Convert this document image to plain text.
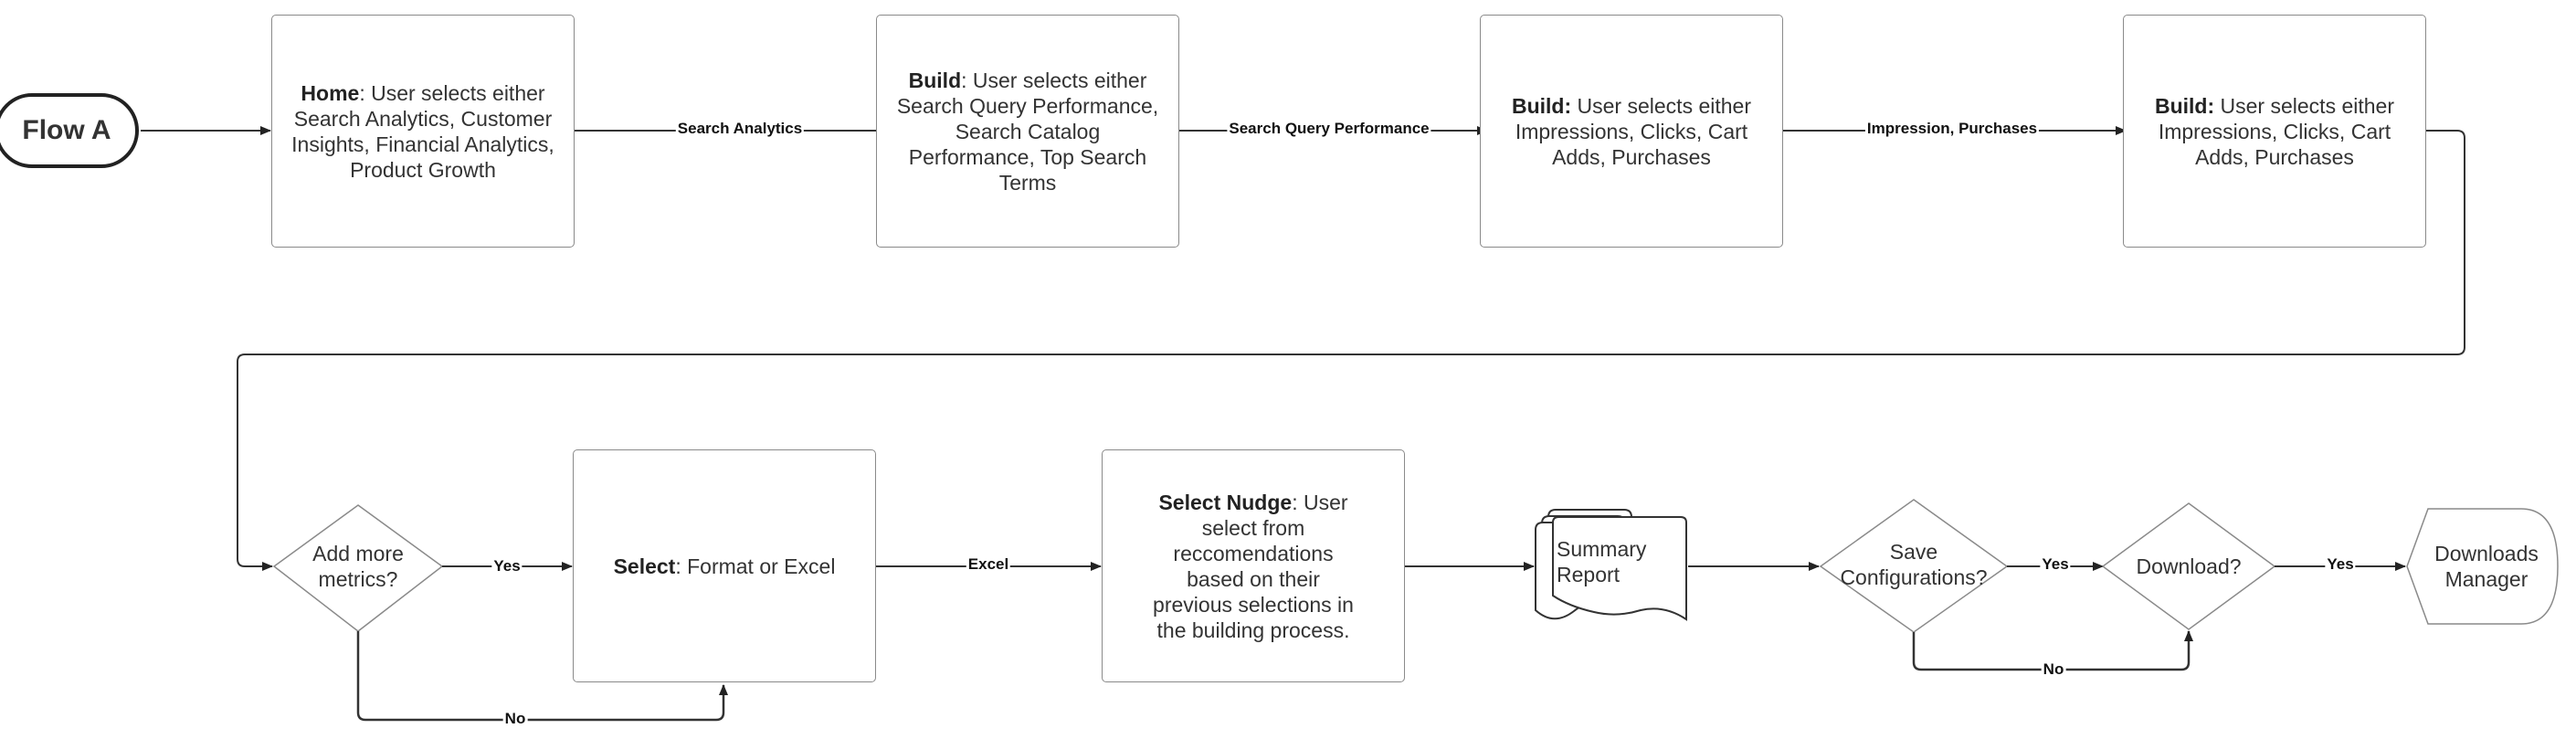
Flow A
Home: User selects either Search Analytics, Customer Insights, Financial Analytics, Product Growth
Build: User selects either Search Query Performance, Search Catalog Performance, Top Search Terms
Build: User selects either Impressions, Clicks, Cart Adds, Purchases
Build: User selects either Impressions, Clicks, Cart Adds, Purchases
Select: Format or Excel
Select Nudge: User select from reccomendations based on their previous selections in the building process.
Add more metrics?
Save Configurations?	Download?
Summary Report
Downloads Manager
Search Analytics	Search Query Performance	Impression, Purchases
Yes
No
Excel	Yes
No
Yes
